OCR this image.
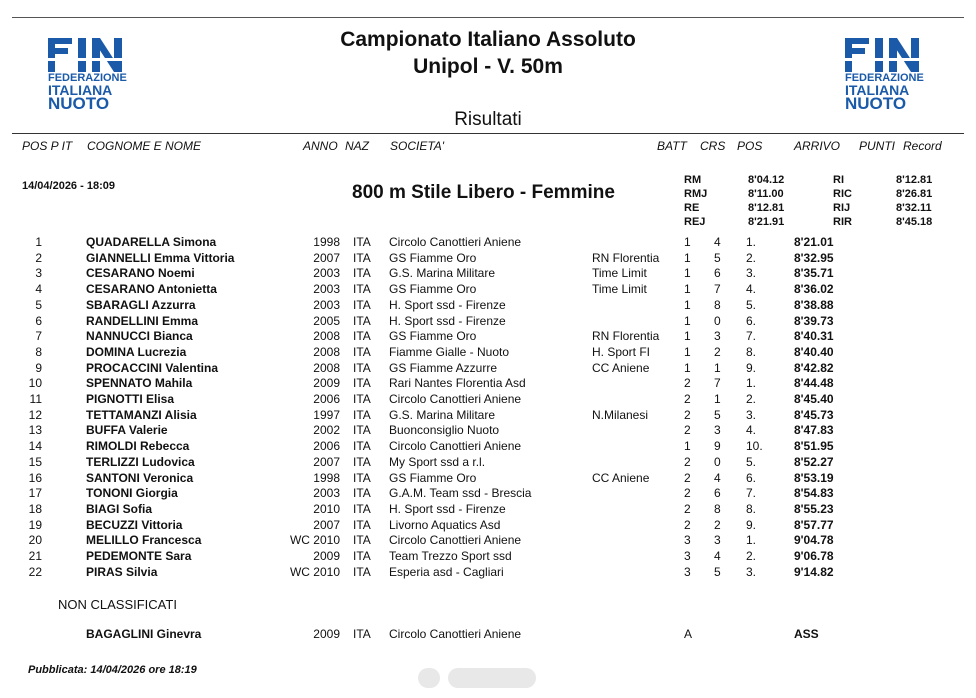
FEDERAZIONE
ITALIANA
NUOTO
FEDERAZIONE
ITALIANA
NUOTO
Campionato Italiano Assoluto
Unipol - V. 50m
Risultati
POS P IT COGNOME E NOME	ANNO NAZ SOCIETA'	BATT CRS POS	ARRIVO PUNTI Record
14/04/2026 - 18:09	800 m Stile Libero - Femmine
RM	8'04.12
RMJ	8'11.00
RE	8'12.81
REJ	8'21.91
RI	8'12.81
RIC	8'26.81
RIJ	8'32.11
RIR	8'45.18
1	QUADARELLA Simona	1998 ITA Circolo Canottieri Aniene	1 4 1.	8'21.01
2	GIANNELLI Emma Vittoria	2007 ITA GS Fiamme Oro	RN Florentia 1 5 2.	8'32.95
3	CESARANO Noemi	2003 ITA G.S. Marina Militare	Time Limit	1 6 3.	8'35.71
4	CESARANO Antonietta	2003 ITA GS Fiamme Oro	Time Limit	1 7 4.	8'36.02
5	SBARAGLI Azzurra	2003 ITA H. Sport ssd - Firenze	1 8 5.	8'38.88
6	RANDELLINI Emma	2005 ITA H. Sport ssd - Firenze	1 0 6.	8'39.73
7	NANNUCCI Bianca	2008 ITA GS Fiamme Oro	RN Florentia 1 3 7.	8'40.31
8	DOMINA Lucrezia	2008 ITA Fiamme Gialle - Nuoto	H. Sport FI	1 2 8.	8'40.40
9	PROCACCINI Valentina	2008 ITA GS Fiamme Azzurre	CC Aniene	1 1 9.	8'42.82
10	SPENNATO Mahila	2009 ITA Rari Nantes Florentia Asd	2 7 1.	8'44.48
11	PIGNOTTI Elisa	2006 ITA Circolo Canottieri Aniene	2 1 2.	8'45.40
12	TETTAMANZI Alisia	1997 ITA G.S. Marina Militare	N.Milanesi	2 5 3.	8'45.73
13	BUFFA Valerie	2002 ITA Buonconsiglio Nuoto	2 3 4.	8'47.83
14	RIMOLDI Rebecca	2006 ITA Circolo Canottieri Aniene	1 9 10.	8'51.95
15	TERLIZZI Ludovica	2007 ITA My Sport ssd a r.l.	2 0 5.	8'52.27
16	SANTONI Veronica	1998 ITA GS Fiamme Oro	CC Aniene	2 4 6.	8'53.19
17	TONONI Giorgia	2003 ITA G.A.M. Team ssd - Brescia	2 6 7.	8'54.83
18	BIAGI Sofia	2010 ITA H. Sport ssd - Firenze	2 8 8.	8'55.23
19	BECUZZI Vittoria	2007 ITA Livorno Aquatics Asd	2 2 9.	8'57.77
20	MELILLO Francesca	WC 2010 ITA Circolo Canottieri Aniene	3 3 1.	9'04.78
21	PEDEMONTE Sara	2009 ITA Team Trezzo Sport ssd	3 4 2.	9'06.78
22	PIRAS Silvia	WC 2010 ITA Esperia asd - Cagliari	3 5 3.	9'14.82
NON CLASSIFICATI
BAGAGLINI Ginevra	2009 ITA Circolo Canottieri Aniene	A	ASS
Pubblicata: 14/04/2026 ore 18:19
